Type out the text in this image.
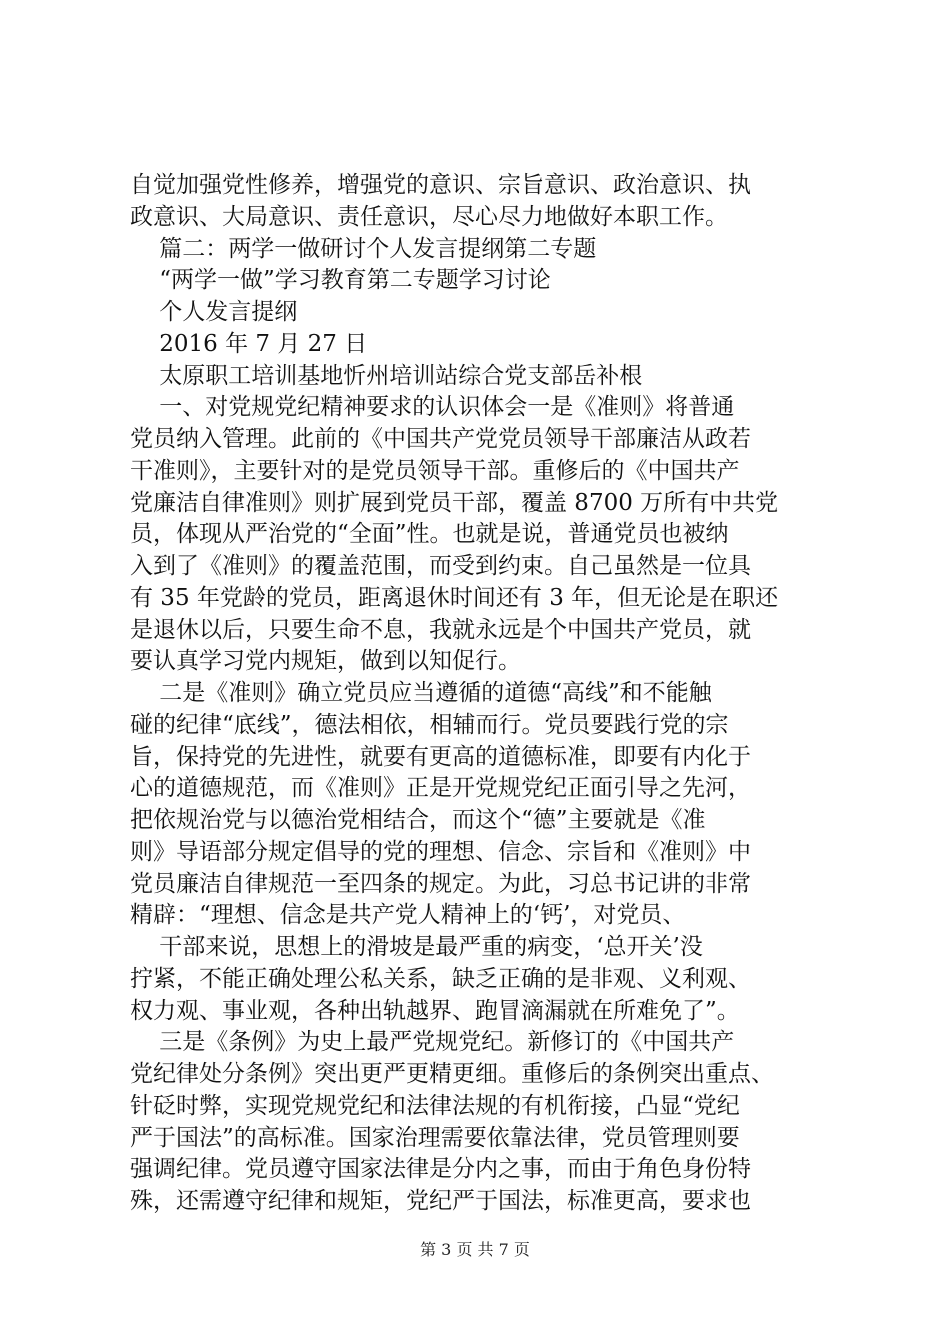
自觉加强党性修养，增强党的意识、宗旨意识、政治意识、执
政意识、大局意识、责任意识，尽心尽力地做好本职工作。
篇二：两学一做研讨个人发言提纲第二专题
“两学一做”学习教育第二专题学习讨论
个人发言提纲
2016 年 7 月 27 日
太原职工培训基地忻州培训站综合党支部岳补根
一、对党规党纪精神要求的认识体会一是《准则》将普通
党员纳入管理。此前的《中国共产党党员领导干部廉洁从政若
干准则》，主要针对的是党员领导干部。重修后的《中国共产
党廉洁自律准则》则扩展到党员干部，覆盖 8700 万所有中共党
员，体现从严治党的“全面”性。也就是说，普通党员也被纳
入到了《准则》的覆盖范围，而受到约束。自己虽然是一位具
有 35 年党龄的党员，距离退休时间还有 3 年，但无论是在职还
是退休以后，只要生命不息，我就永远是个中国共产党员，就
要认真学习党内规矩，做到以知促行。
二是《准则》确立党员应当遵循的道德“高线”和不能触
碰的纪律“底线”，德法相依，相辅而行。党员要践行党的宗
旨，保持党的先进性，就要有更高的道德标准，即要有内化于
心的道德规范，而《准则》正是开党规党纪正面引导之先河，
把依规治党与以德治党相结合，而这个“德”主要就是《准
则》导语部分规定倡导的党的理想、信念、宗旨和《准则》中
党员廉洁自律规范一至四条的规定。为此，习总书记讲的非常
精辟：“理想、信念是共产党人精神上的‘钙’，对党员、
干部来说，思想上的滑坡是最严重的病变，‘总开关’没
拧紧，不能正确处理公私关系，缺乏正确的是非观、义利观、
权力观、事业观，各种出轨越界、跑冒滴漏就在所难免了”。
三是《条例》为史上最严党规党纪。新修订的《中国共产
党纪律处分条例》突出更严更精更细。重修后的条例突出重点、
针砭时弊，实现党规党纪和法律法规的有机衔接，凸显“党纪
严于国法”的高标准。国家治理需要依靠法律，党员管理则要
强调纪律。党员遵守国家法律是分内之事，而由于角色身份特
殊，还需遵守纪律和规矩，党纪严于国法，标准更高，要求也
第 3 页 共 7 页
